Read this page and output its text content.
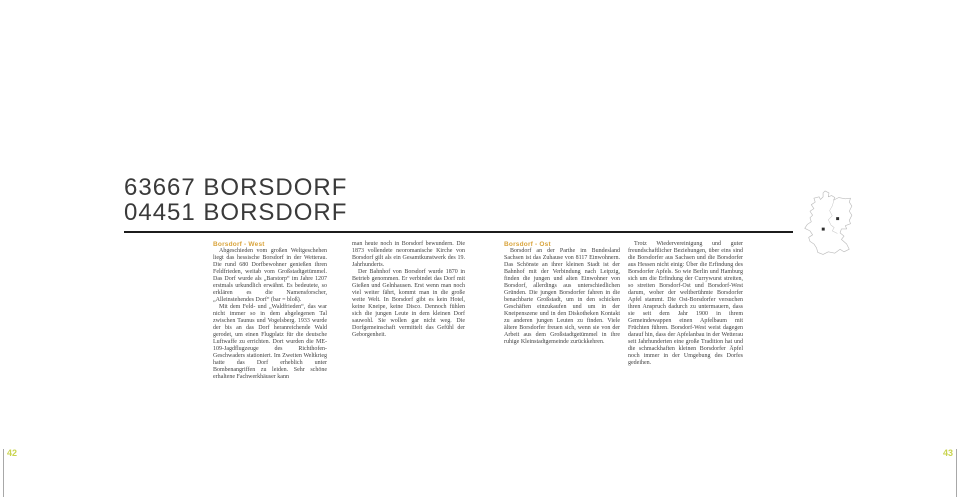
63667 BORSDORF
04451 BORSDORF
Borsdorf - West

Abgeschieden vom großen Weltgeschehen liegt das hessische Borsdorf in der Wetterau. Die rund 680 Dorfbewohner genießen ihren Feldfrieden, weitab vom Großstadtgetümmel. Das Dorf wurde als „Barstorp“ im Jahre 1207 erstmals urkundlich erwähnt. Es bedeutete, so erklären es die Namensforscher, „Alleinstehendes Dorf“ (bar = bloß).

Mit dem Feld- und „Waldfrieden“, das war nicht immer so in dem abgelegenen Tal zwischen Taunus und Vogelsberg. 1933 wurde der bis an das Dorf heranreichende Wald gerodet, um einen Flugplatz für die deutsche Luftwaffe zu errichten. Dort wurden die ME-109-Jagdflugzeuge des Richthofen-Geschwaders stationiert. Im Zweiten Weltkrieg hatte das Dorf erheblich unter Bombenangriffen zu leiden. Sehr schöne erhaltene Fachwerkhäuser kann

man heute noch in Borsdorf bewundern. Die 1873 vollendete neoromanische Kirche von Borsdorf gilt als ein Gesamtkunstwerk des 19. Jahrhunderts.

Der Bahnhof von Borsdorf wurde 1870 in Betrieb genommen. Er verbindet das Dorf mit Gießen und Gelnhausen. Erst wenn man noch viel weiter fährt, kommt man in die große weite Welt. In Borsdorf gibt es kein Hotel, keine Kneipe, keine Disco. Dennoch fühlen sich die jungen Leute in dem kleinen Dorf sauwohl. Sie wollen gar nicht weg. Die Dorfgemeinschaft vermittelt das Gefühl der Geborgenheit.

Borsdorf - Ost

Borsdorf an der Parthe im Bundesland Sachsen ist das Zuhause von 8117 Einwohnern. Das Schönste an ihrer kleinen Stadt ist der Bahnhof mit der Verbindung nach Leipzig, finden die jungen und alten Einwohner von Borsdorf, allerdings aus unterschiedlichen Gründen. Die jungen Borsdorfer fahren in die benachbarte Großstadt, um in den schicken Geschäften einzukaufen und um in der Kneipenszene und in den Diskotheken Kontakt zu anderen jungen Leuten zu finden. Viele ältere Borsdorfer freuen sich, wenn sie von der Arbeit aus dem Großstadtgetümmel in ihre ruhige Kleinstadtgemeinde zurückkehren.

Trotz Wiedervereinigung und guter freundschaftlicher Beziehungen, über eins sind die Borsdorfer aus Sachsen und die Borsdorfer aus Hessen nicht einig: Über die Erfindung des Borsdorfer Apfels. So wie Berlin und Hamburg sich um die Erfindung der Currywurst streiten, so streiten Borsdorf-Ost und Borsdorf-West darum, woher der weltberühmte Borsdorfer Apfel stammt. Die Ost-Borsdorfer versuchen ihren Anspruch dadurch zu untermauern, dass sie seit dem Jahr 1900 in ihrem Gemeindewappen einen Apfelbaum mit Früchten führen. Borsdorf-West weist dagegen darauf hin, dass der Apfelanbau in der Wetterau seit Jahrhunderten eine große Tradition hat und die schmackhaften kleinen Borsdorfer Äpfel noch immer in der Umgebung des Dorfes gedeihen.

42	43
